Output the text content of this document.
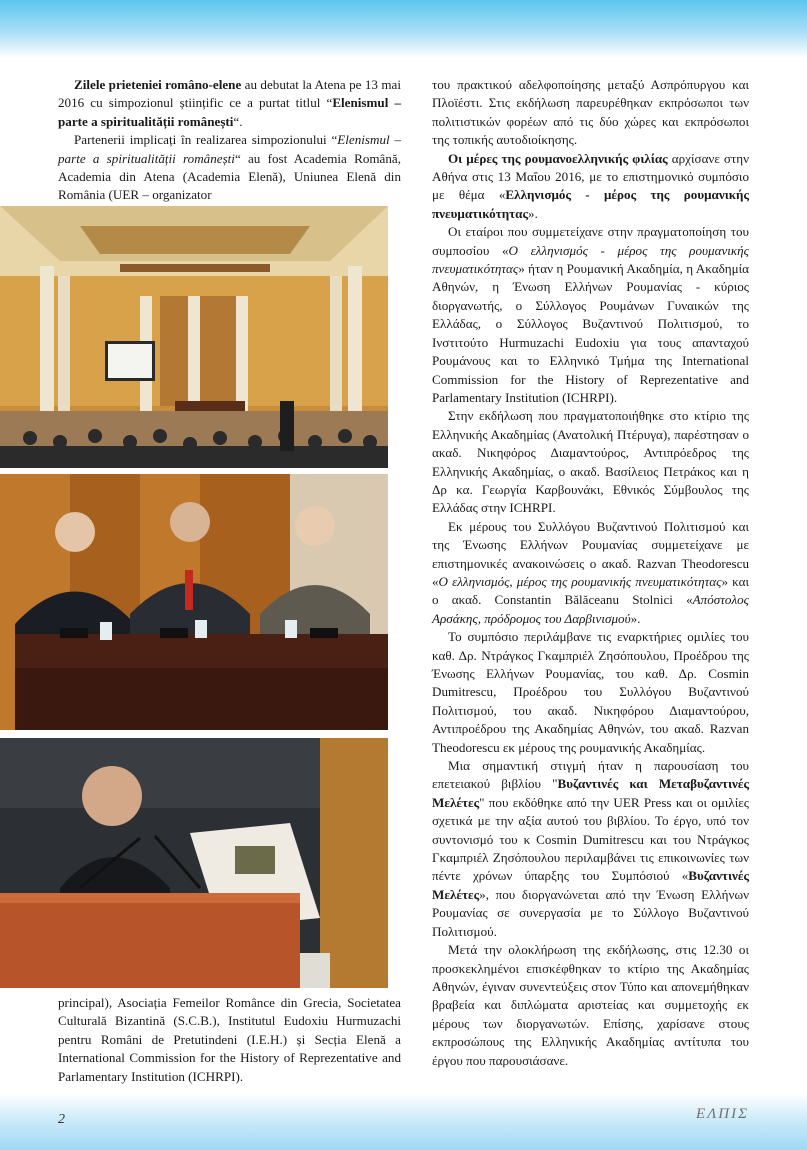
Zilele prieteniei româno-elene au debutat la Atena pe 13 mai 2016 cu simpozionul științific ce a purtat titlul “Elenismul – parte a spiritualității românești“.

Partenerii implicați în realizarea simpozionului “Elenismul – parte a spiritualității românești“ au fost Academia Română, Academia din Atena (Academia Elenă), Uniunea Elenă din România (UER – organizator

principal), Asociația Femeilor Românce din Grecia, Societatea Culturală Bizantină (S.C.B.), Institutul Eudoxiu Hurmuzachi pentru Români de Pretutindeni (I.E.H.) și Secția Elenă a International Commission for the History of Reprezentative and Parlamentary Institution (ICHRPI).

του πρακτικού αδελφοποίησης μεταξύ Ασπρόπυργου και Πλοϊέστι. Στις εκδήλωση παρευρέθηκαν εκπρόσωποι των πολιτιστικών φορέων από τις δύο χώρες και εκπρόσωποι της τοπικής αυτοδιοίκησης.

Οι μέρες της ρουμανοελληνικής φιλίας αρχίσανε στην Αθήνα στις 13 Μαΐου 2016, με το επιστημονικό συμπόσιο με θέμα «Ελληνισμός - μέρος της ρουμανικής πνευματικότητας».

Οι εταίροι που συμμετείχανε στην πραγματοποίηση του συμποσίου «Ο ελληνισμός - μέρος της ρουμανικής πνευματικότητας» ήταν η Ρουμανική Ακαδημία, η Ακαδημία Αθηνών, η Ένωση Ελλήνων Ρουμανίας - κύριος διοργανωτής, ο Σύλλογος Ρουμάνων Γυναικών της Ελλάδας, ο Σύλλογος Βυζαντινού Πολιτισμού, το Ινστιτούτο Hurmuzachi Eudoxiu για τους απανταχού Ρουμάνους και το Ελληνικό Τμήμα της International Commission for the History of Reprezentative and Parlamentary Institution (ICHRPI).

Στην εκδήλωση που πραγματοποιήθηκε στο κτίριο της Ελληνικής Ακαδημίας (Ανατολική Πτέρυγα), παρέστησαν ο ακαδ. Νικηφόρος Διαμαντούρος, Αντιπρόεδρος της Ελληνικής Ακαδημίας, ο ακαδ. Βασίλειος Πετράκος και η Δρ κα. Γεωργία Καρβουνάκι, Εθνικός Σύμβουλος της Ελλάδας στην ICHRPI.

Εκ μέρους του Συλλόγου Βυζαντινού Πολιτισμού και της Ένωσης Ελλήνων Ρουμανίας συμμετείχανε με επιστημονικές ανακοινώσεις ο ακαδ. Razvan Theodorescu «Ο ελληνισμός, μέρος της ρουμανικής πνευματικότητας» και ο ακαδ. Constantin Bălăceanu Stolnici «Απόστολος Αρσάκης, πρόδρομος του Δαρβινισμού».

Το συμπόσιο περιλάμβανε τις εναρκτήριες ομιλίες του καθ. Δρ. Ντράγκος Γκαμπριέλ Ζησόπουλου, Προέδρου της Ένωσης Ελλήνων Ρουμανίας, του καθ. Δρ. Cosmin Dumitrescu, Προέδρου του Συλλόγου Βυζαντινού Πολιτισμού, του ακαδ. Νικηφόρου Διαμαντούρου, Αντιπροέδρου της Ακαδημίας Αθηνών, του ακαδ. Razvan Theodorescu εκ μέρους της ρουμανικής Ακαδημίας.

Μια σημαντική στιγμή ήταν η παρουσίαση του επετειακού βιβλίου "Βυζαντινές και Μεταβυζαντινές Μελέτες" που εκδόθηκε από την UER Press και οι ομιλίες σχετικά με την αξία αυτού του βιβλίου. Το έργο, υπό τον συντονισμό του κ Cosmin Dumitrescu και του Ντράγκος Γκαμπριέλ Ζησόπουλου περιλαμβάνει τις επικοινωνίες των πέντε χρόνων ύπαρξης του Συμπόσιού «Βυζαντινές Μελέτες», που διοργανώνεται από την Ένωση Ελλήνων Ρουμανίας σε συνεργασία με το Σύλλογο Βυζαντινού Πολιτισμού.

Μετά την ολοκλήρωση της εκδήλωσης, στις 12.30 οι προσκεκλημένοι επισκέφθηκαν το κτίριο της Ακαδημίας Αθηνών, έγιναν συνεντεύξεις στον Τύπο και απονεμήθηκαν βραβεία και διπλώματα αριστείας και συμμετοχής εκ μέρους των διοργανωτών. Επίσης, χαρίσανε στους εκπροσώπους της Ελληνικής Ακαδημίας αντίτυπα του έργου που παρουσιάσανε.

2	ΕΛΠΙΣ
